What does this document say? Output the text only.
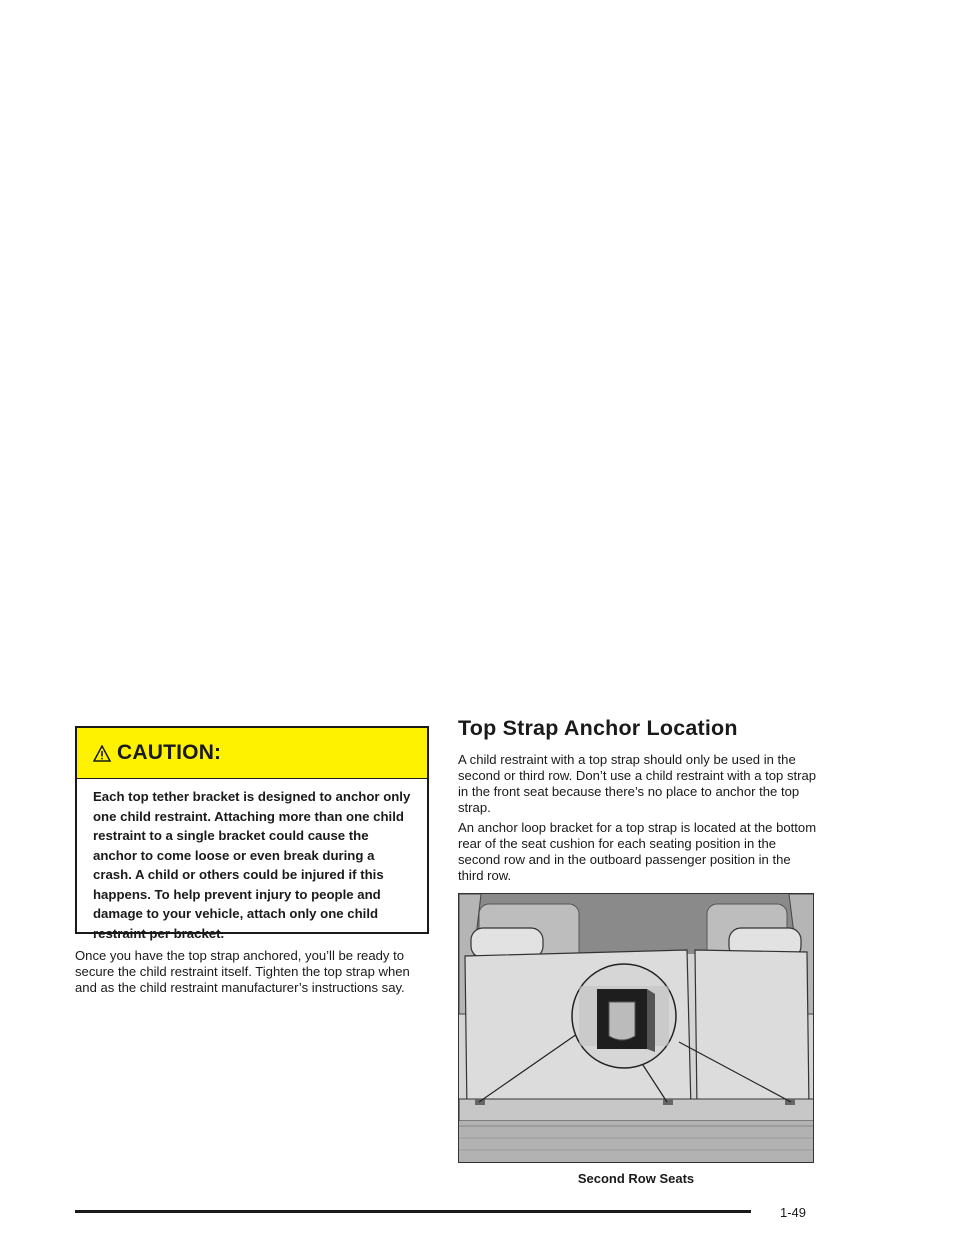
CAUTION:
Each top tether bracket is designed to anchor only one child restraint. Attaching more than one child restraint to a single bracket could cause the anchor to come loose or even break during a crash. A child or others could be injured if this happens. To help prevent injury to people and damage to your vehicle, attach only one child restraint per bracket.

Once you have the top strap anchored, you’ll be ready to secure the child restraint itself. Tighten the top strap when and as the child restraint manufacturer’s instructions say.

Top Strap Anchor Location

A child restraint with a top strap should only be used in the second or third row. Don’t use a child restraint with a top strap in the front seat because there’s no place to anchor the top strap.

An anchor loop bracket for a top strap is located at the bottom rear of the seat cushion for each seating position in the second row and in the outboard passenger position in the third row.

Second Row Seats

1-49
